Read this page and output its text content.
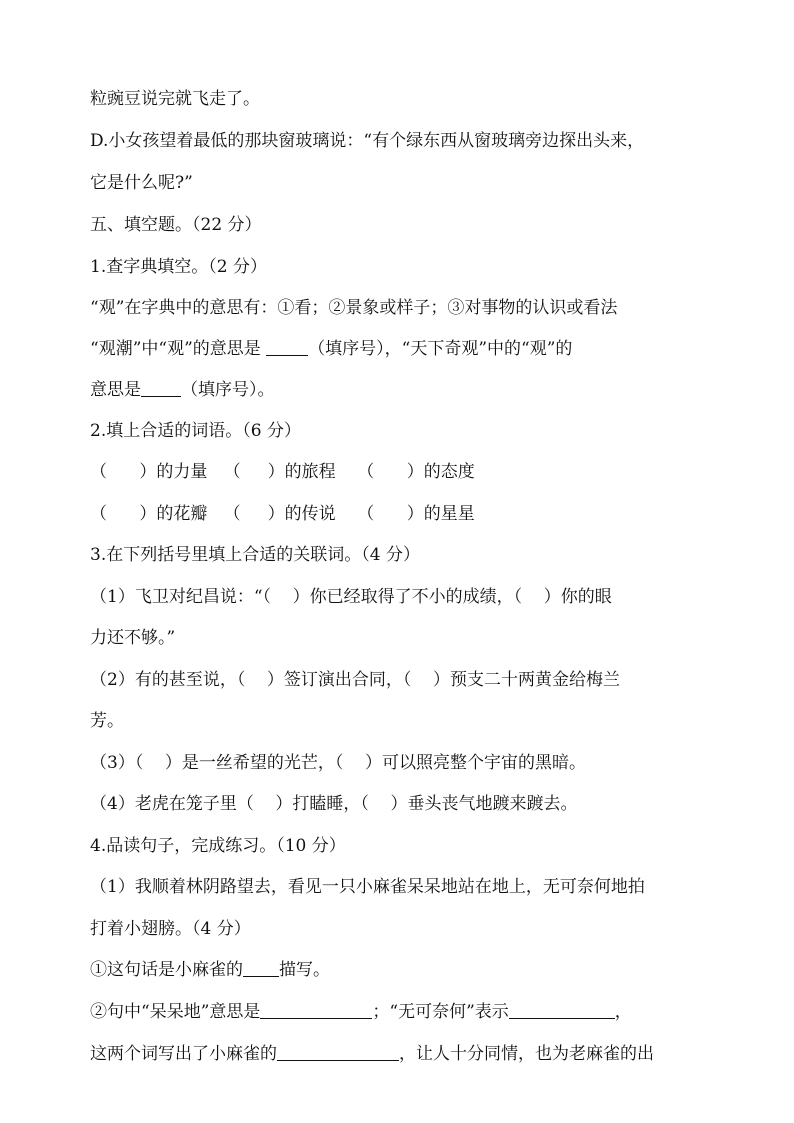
粒豌豆说完就飞走了。
D.小女孩望着最低的那块窗玻璃说：“有个绿东西从窗玻璃旁边探出头来，
它是什么呢?”
五、填空题。（22 分）
1.查字典填空。（2 分）
“观”在字典中的意思有：①看；②景象或样子；③对事物的认识或看法
“观潮”中“观”的意思是 （填序号），“天下奇观”中的“观”的
意思是 （填序号）。
2.填上合适的词语。（6 分）
（      ）的力量   （     ）的旅程    （      ）的态度
（      ）的花瓣   （     ）的传说    （      ）的星星
3.在下列括号里填上合适的关联词。（4 分）
（1）飞卫对纪昌说：“（    ）你已经取得了不小的成绩，（    ）你的眼
力还不够。”
（2）有的甚至说，（    ）签订演出合同，（    ）预支二十两黄金给梅兰
芳。
（3）（    ）是一丝希望的光芒，（    ）可以照亮整个宇宙的黑暗。
（4）老虎在笼子里（    ）打瞌睡，（    ）垂头丧气地踱来踱去。
4.品读句子，完成练习。（10 分）
（1）我顺着林阴路望去，看见一只小麻雀呆呆地站在地上，无可奈何地拍
打着小翅膀。（4 分）
①这句话是小麻雀的 描写。
②句中“呆呆地”意思是	；“无可奈何”表示	，
这两个词写出了小麻雀的	，让人十分同情，也为老麻雀的出
